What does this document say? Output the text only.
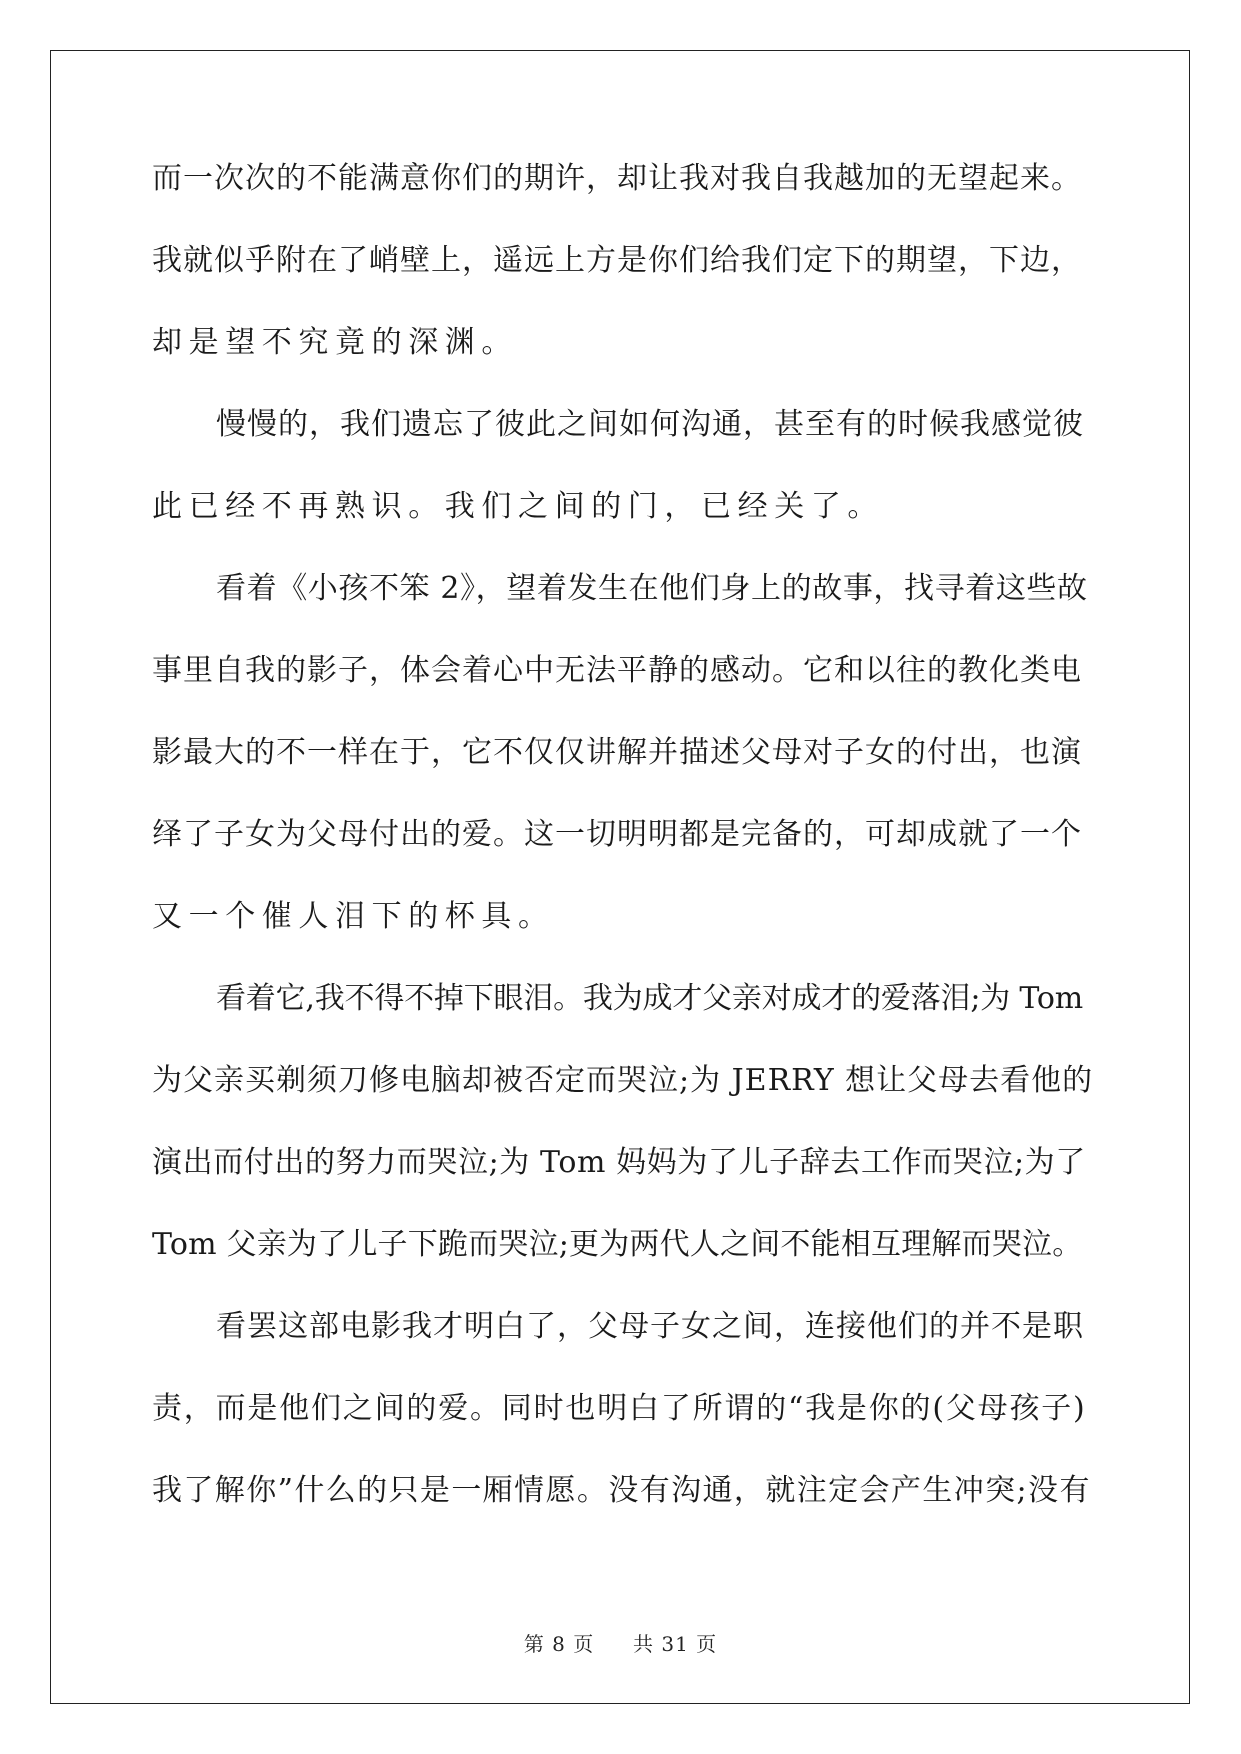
而一次次的不能满意你们的期许，却让我对我自我越加的无望起来。
我就似乎附在了峭壁上，遥远上方是你们给我们定下的期望，下边，
却是望不究竟的深渊。
慢慢的，我们遗忘了彼此之间如何沟通，甚至有的时候我感觉彼
此已经不再熟识。我们之间的门，已经关了。
看着《小孩不笨 2》，望着发生在他们身上的故事，找寻着这些故
事里自我的影子，体会着心中无法平静的感动。它和以往的教化类电
影最大的不一样在于，它不仅仅讲解并描述父母对子女的付出，也演
绎了子女为父母付出的爱。这一切明明都是完备的，可却成就了一个
又一个催人泪下的杯具。
看着它,我不得不掉下眼泪。我为成才父亲对成才的爱落泪;为 Tom
为父亲买剃须刀修电脑却被否定而哭泣;为 JERRY 想让父母去看他的
演出而付出的努力而哭泣;为 Tom 妈妈为了儿子辞去工作而哭泣;为了
Tom 父亲为了儿子下跪而哭泣;更为两代人之间不能相互理解而哭泣。
看罢这部电影我才明白了，父母子女之间，连接他们的并不是职
责，而是他们之间的爱。同时也明白了所谓的“我是你的(父母孩子)
我了解你”什么的只是一厢情愿。没有沟通，就注定会产生冲突;没有
第 8 页 共 31 页
